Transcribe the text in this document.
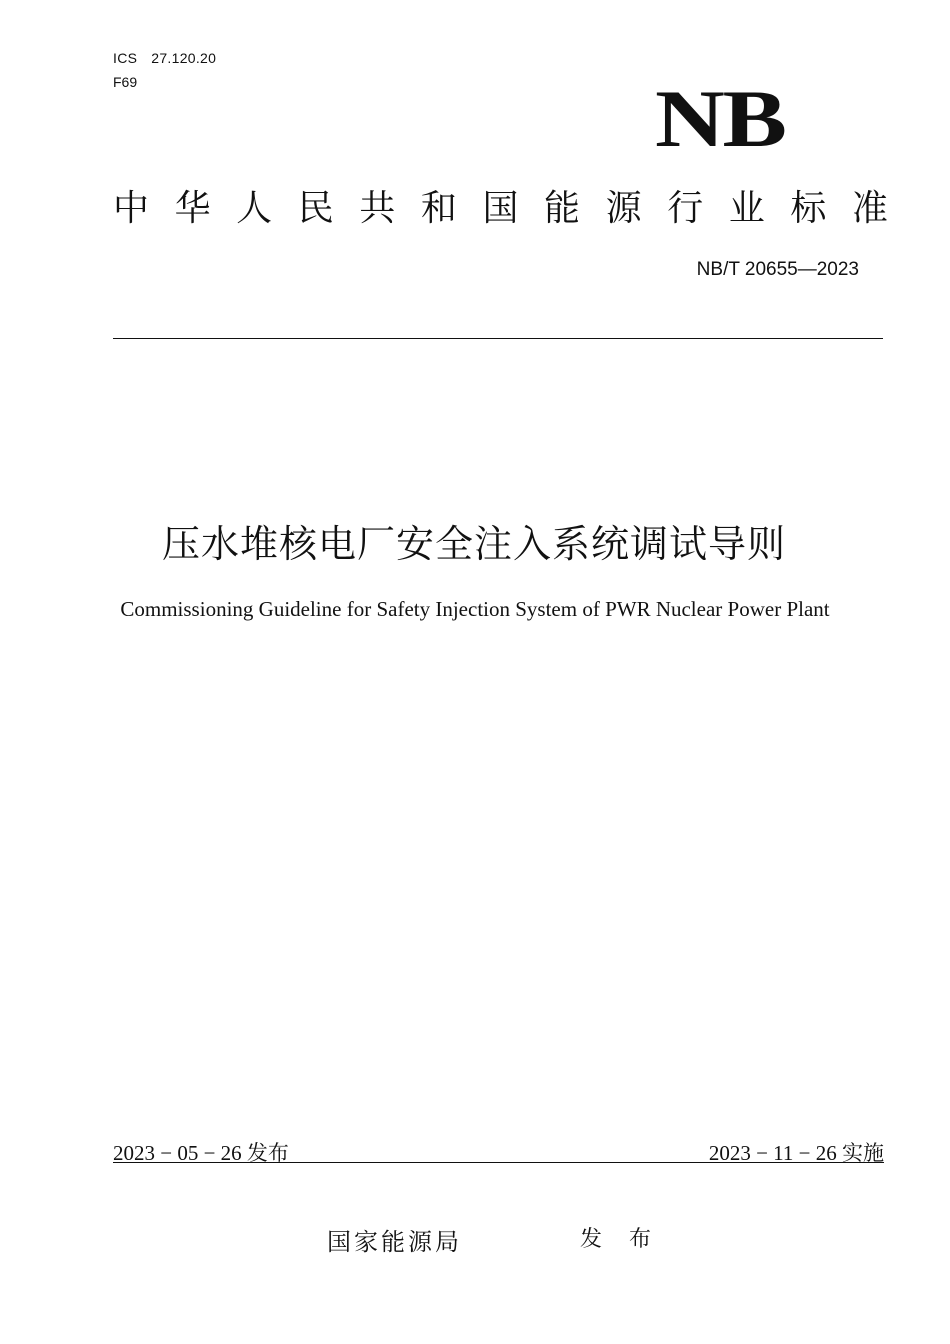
ICS 27.120.20
F69	NB
中 华 人 民 共 和 国 能 源 行 业 标 准
NB/T 20655—2023
压水堆核电厂安全注入系统调试导则
Commissioning Guideline for Safety Injection System of PWR Nuclear Power Plant
2023 − 05 − 26 发布	2023 − 11 − 26 实施
国家能源局	发 布
